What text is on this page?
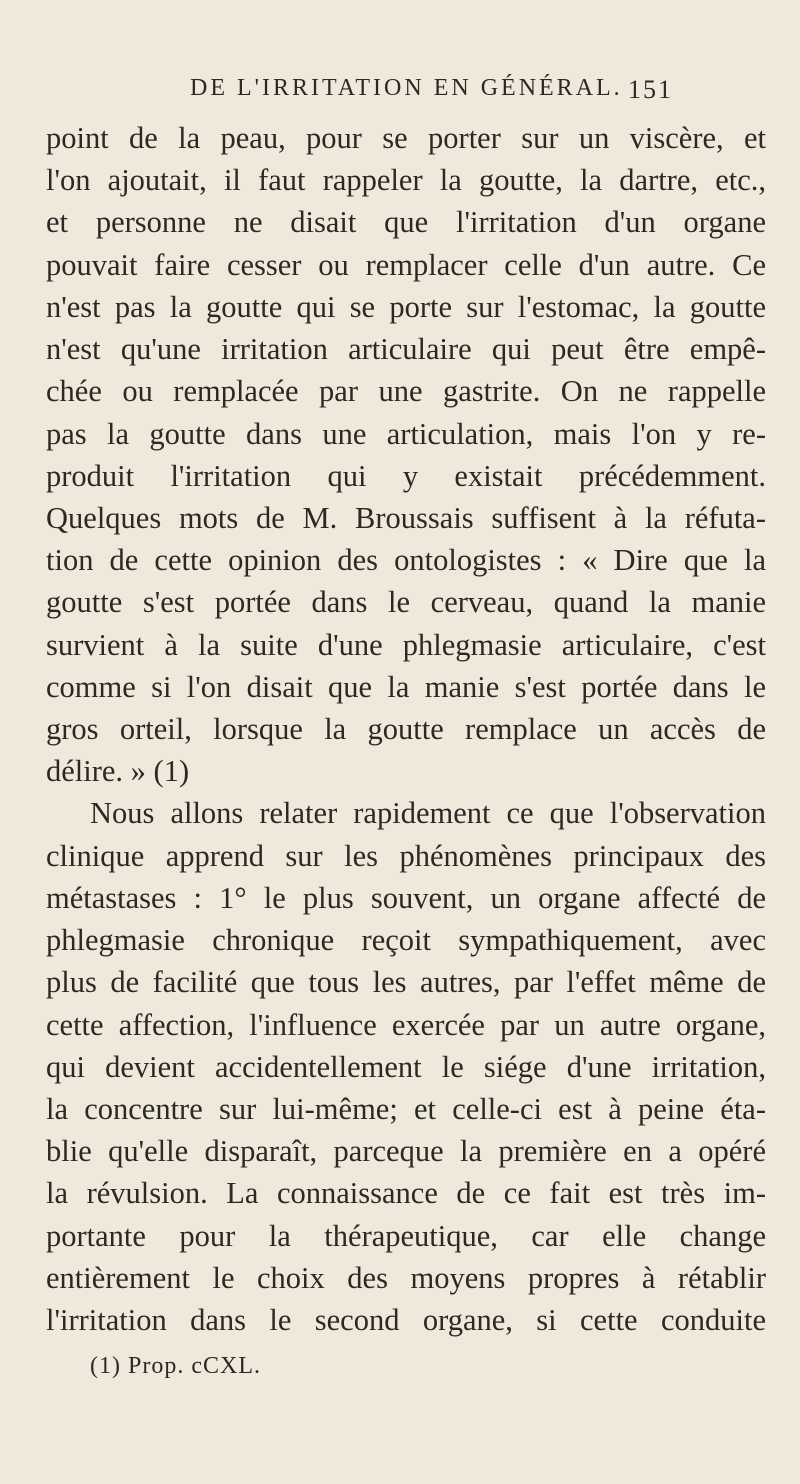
DE L'IRRITATION EN GÉNÉRAL. 151
point de la peau, pour se porter sur un viscère, et
l'on ajoutait, il faut rappeler la goutte, la dartre, etc.,
et personne ne disait que l'irritation d'un organe
pouvait faire cesser ou remplacer celle d'un autre. Ce
n'est pas la goutte qui se porte sur l'estomac, la goutte
n'est qu'une irritation articulaire qui peut être empê-
chée ou remplacée par une gastrite. On ne rappelle
pas la goutte dans une articulation, mais l'on y re-
produit l'irritation qui y existait précédemment.
Quelques mots de M. Broussais suffisent à la réfuta-
tion de cette opinion des ontologistes : « Dire que la
goutte s'est portée dans le cerveau, quand la manie
survient à la suite d'une phlegmasie articulaire, c'est
comme si l'on disait que la manie s'est portée dans le
gros orteil, lorsque la goutte remplace un accès de
délire. » (1)
Nous allons relater rapidement ce que l'observation
clinique apprend sur les phénomènes principaux des
métastases : 1° le plus souvent, un organe affecté de
phlegmasie chronique reçoit sympathiquement, avec
plus de facilité que tous les autres, par l'effet même de
cette affection, l'influence exercée par un autre organe,
qui devient accidentellement le siége d'une irritation,
la concentre sur lui-même; et celle-ci est à peine éta-
blie qu'elle disparaît, parceque la première en a opéré
la révulsion. La connaissance de ce fait est très im-
portante pour la thérapeutique, car elle change
entièrement le choix des moyens propres à rétablir
l'irritation dans le second organe, si cette conduite
(1) Prop. cCXL.
